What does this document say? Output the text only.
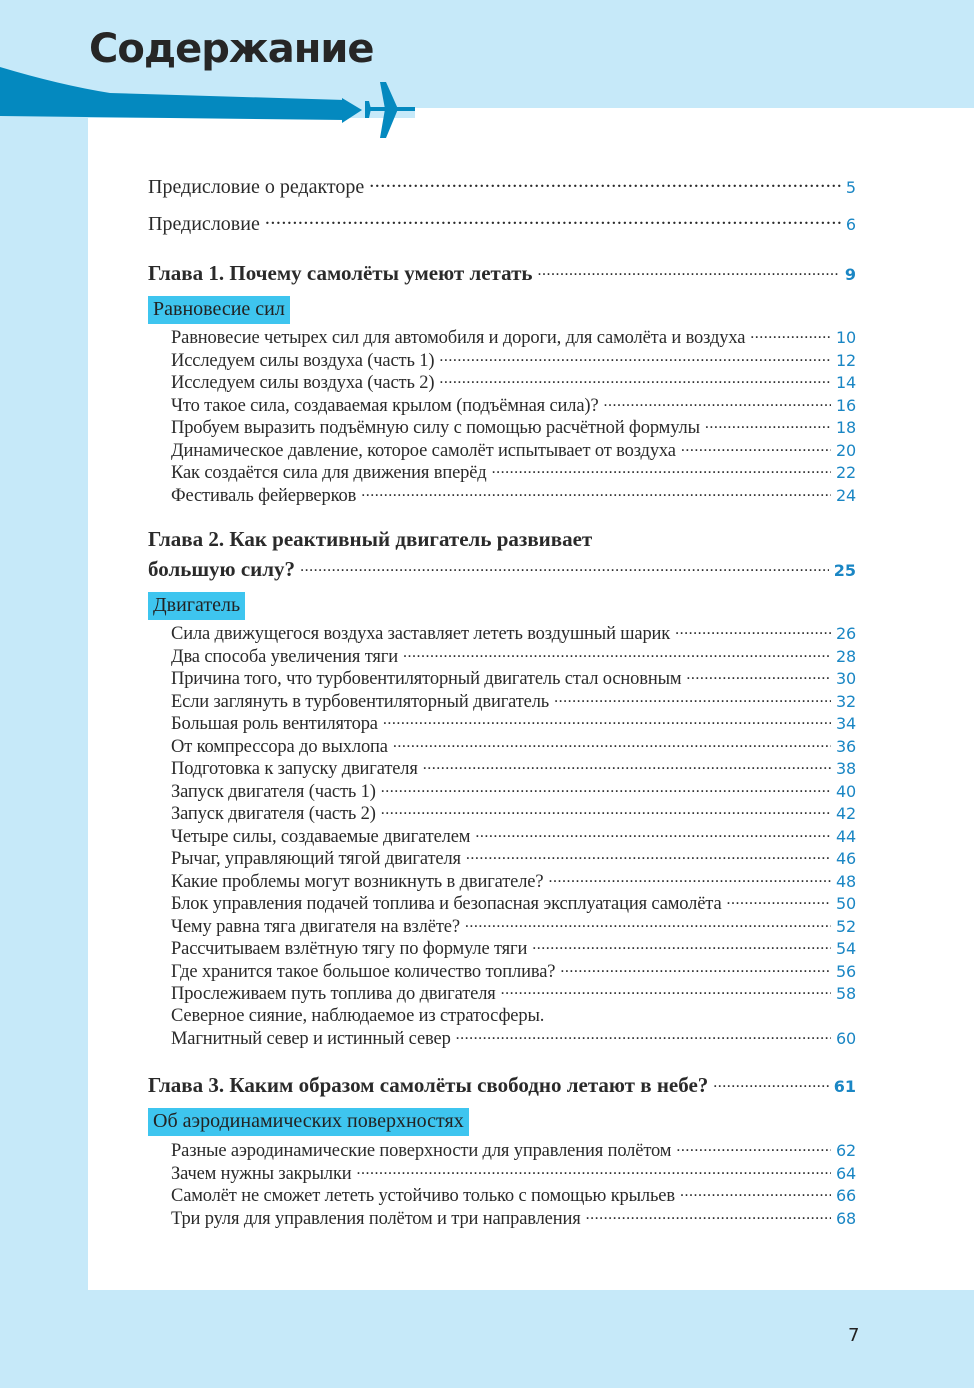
Содержание
Предисловие о редакторе .....	5
Предисловие .....	6
Глава 1. Почему самолёты умеют летать .....	9
Равновесие сил
Равновесие четырех сил для автомобиля и дороги, для самолёта и воздуха .....	10
Исследуем силы воздуха (часть 1) .....	12
Исследуем силы воздуха (часть 2) .....	14
Что такое сила, создаваемая крылом (подъёмная сила)? .....	16
Пробуем выразить подъёмную силу с помощью расчётной формулы .....	18
Динамическое давление, которое самолёт испытывает от воздуха .....	20
Как создаётся сила для движения вперёд .....	22
Фестиваль фейерверков .....	24
Глава 2. Как реактивный двигатель развивает
большую силу? .....	25
Двигатель
Сила движущегося воздуха заставляет лететь воздушный шарик .....	26
Два способа увеличения тяги .....	28
Причина того, что турбовентиляторный двигатель стал основным .....	30
Если заглянуть в турбовентиляторный двигатель .....	32
Большая роль вентилятора .....	34
От компрессора до выхлопа .....	36
Подготовка к запуску двигателя .....	38
Запуск двигателя (часть 1) .....	40
Запуск двигателя (часть 2) .....	42
Четыре силы, создаваемые двигателем .....	44
Рычаг, управляющий тягой двигателя .....	46
Какие проблемы могут возникнуть в двигателе? .....	48
Блок управления подачей топлива и безопасная эксплуатация самолёта .....	50
Чему равна тяга двигателя на взлёте? .....	52
Рассчитываем взлётную тягу по формуле тяги .....	54
Где хранится такое большое количество топлива? .....	56
Прослеживаем путь топлива до двигателя .....	58
Северное сияние, наблюдаемое из стратосферы.
Магнитный север и истинный север .....	60
Глава 3. Каким образом самолёты свободно летают в небе? .....	61
Об аэродинамических поверхностях
Разные аэродинамические поверхности для управления полётом .....	62
Зачем нужны закрылки .....	64
Самолёт не сможет лететь устойчиво только с помощью крыльев .....	66
Три руля для управления полётом и три направления .....	68
7
